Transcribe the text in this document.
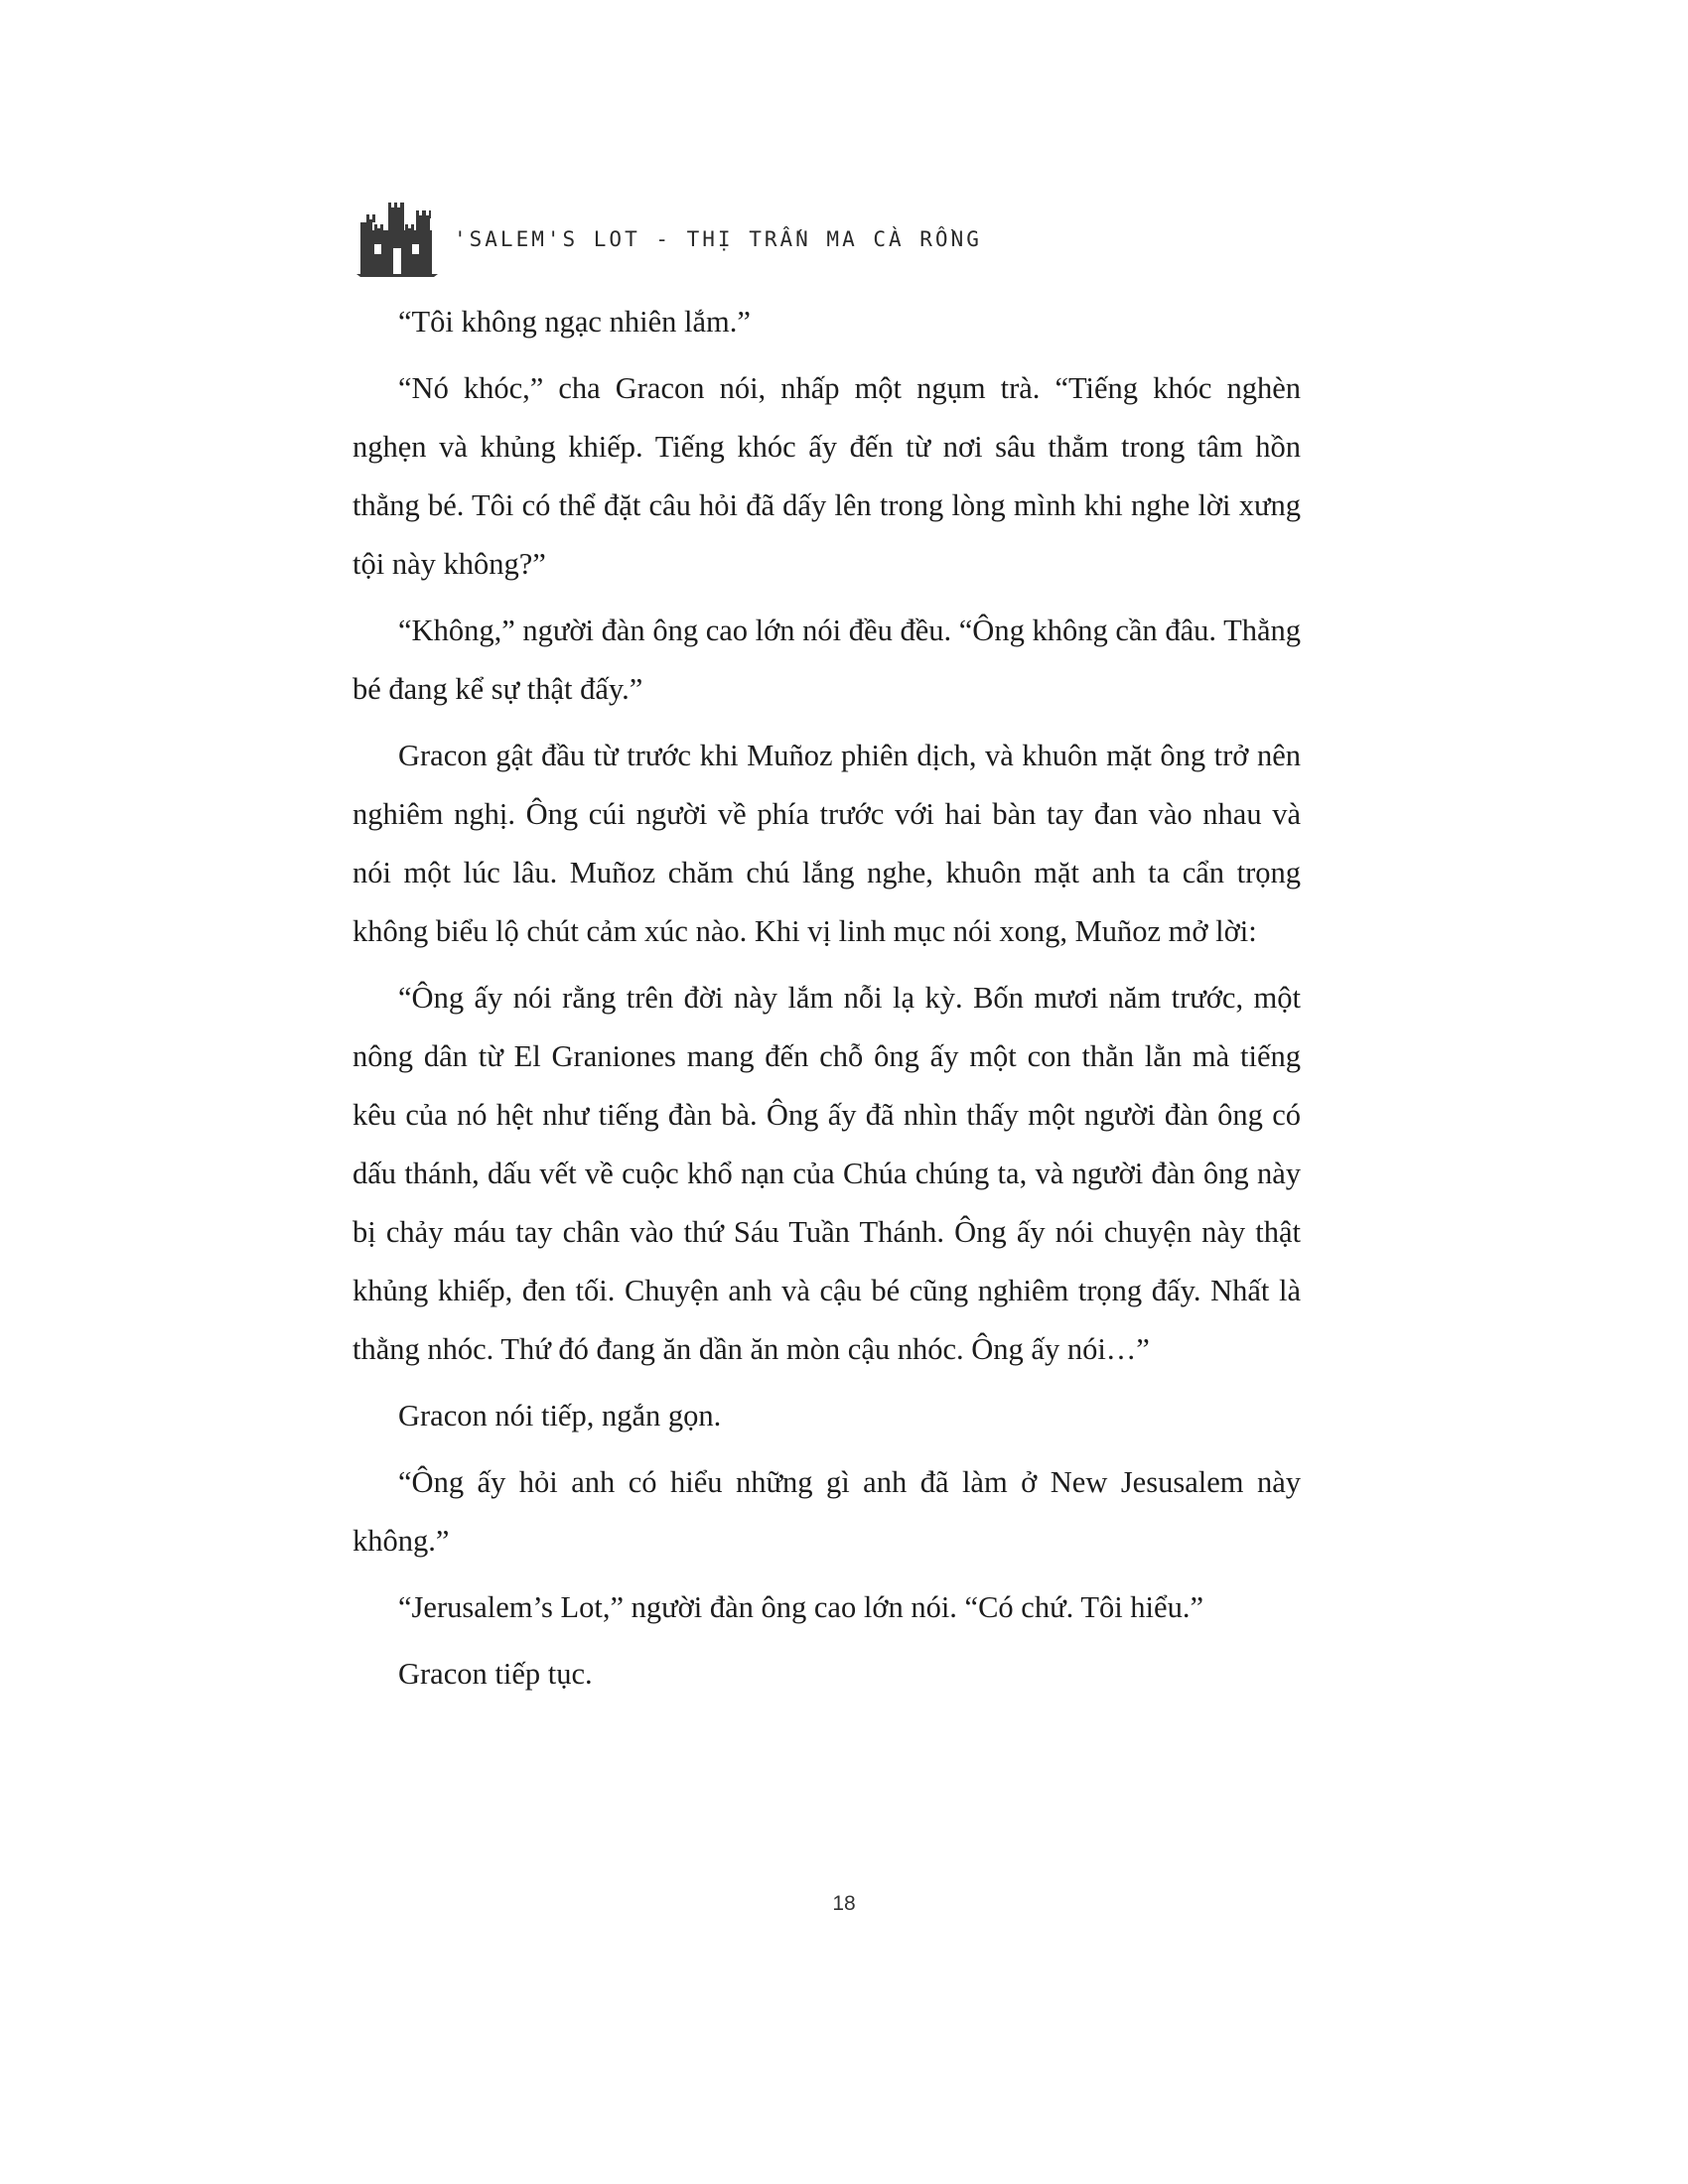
'SALEM'S LOT - THỊ TRẤN MA CÀ RỒNG

“Tôi không ngạc nhiên lắm.”

“Nó khóc,” cha Gracon nói, nhấp một ngụm trà. “Tiếng khóc nghèn nghẹn và khủng khiếp. Tiếng khóc ấy đến từ nơi sâu thẳm trong tâm hồn thằng bé. Tôi có thể đặt câu hỏi đã dấy lên trong lòng mình khi nghe lời xưng tội này không?”

“Không,” người đàn ông cao lớn nói đều đều. “Ông không cần đâu. Thằng bé đang kể sự thật đấy.”

Gracon gật đầu từ trước khi Muñoz phiên dịch, và khuôn mặt ông trở nên nghiêm nghị. Ông cúi người về phía trước với hai bàn tay đan vào nhau và nói một lúc lâu. Muñoz chăm chú lắng nghe, khuôn mặt anh ta cẩn trọng không biểu lộ chút cảm xúc nào. Khi vị linh mục nói xong, Muñoz mở lời:

“Ông ấy nói rằng trên đời này lắm nỗi lạ kỳ. Bốn mươi năm trước, một nông dân từ El Graniones mang đến chỗ ông ấy một con thằn lằn mà tiếng kêu của nó hệt như tiếng đàn bà. Ông ấy đã nhìn thấy một người đàn ông có dấu thánh, dấu vết về cuộc khổ nạn của Chúa chúng ta, và người đàn ông này bị chảy máu tay chân vào thứ Sáu Tuần Thánh. Ông ấy nói chuyện này thật khủng khiếp, đen tối. Chuyện anh và cậu bé cũng nghiêm trọng đấy. Nhất là thằng nhóc. Thứ đó đang ăn dần ăn mòn cậu nhóc. Ông ấy nói…”

Gracon nói tiếp, ngắn gọn.

“Ông ấy hỏi anh có hiểu những gì anh đã làm ở New Jesusalem này không.”

“Jerusalem’s Lot,” người đàn ông cao lớn nói. “Có chứ. Tôi hiểu.”

Gracon tiếp tục.

18
